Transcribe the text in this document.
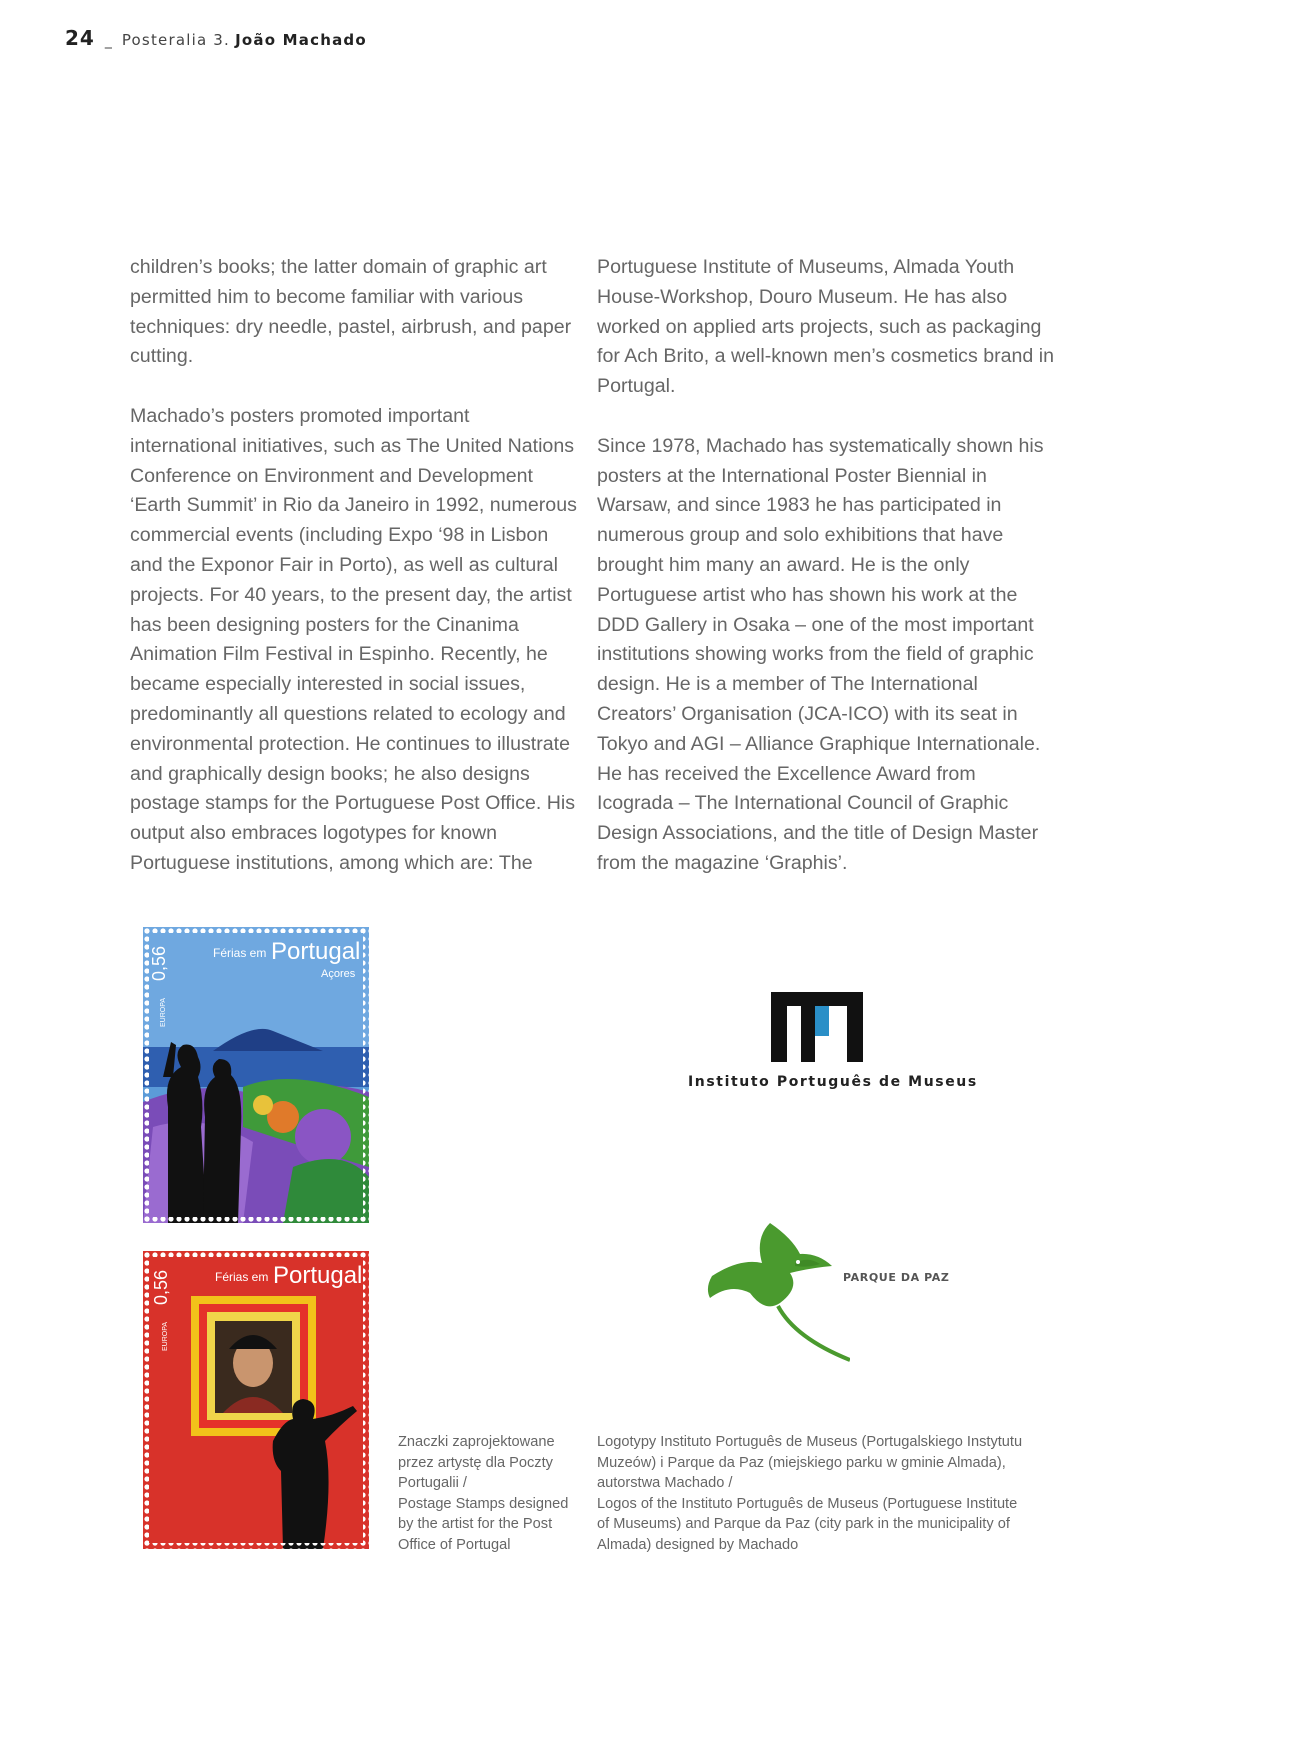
24 _ Posteralia 3. João Machado

children’s books; the latter domain of graphic art permitted him to become familiar with various techniques: dry needle, pastel, airbrush, and paper cutting.

Machado’s posters promoted important international initiatives, such as The United Nations Conference on Environment and Development ‘Earth Summit’ in Rio da Janeiro in 1992, numerous commercial events (including Expo ‘98 in Lisbon and the Exponor Fair in Porto), as well as cultural projects. For 40 years, to the present day, the artist has been designing posters for the Cinanima Animation Film Festival in Espinho. Recently, he became especially interested in social issues, predominantly all questions related to ecology and environmental protection. He continues to illustrate and graphically design books; he also designs postage stamps for the Portuguese Post Office. His output also embraces logotypes for known Portuguese institutions, among which are: The

Portuguese Institute of Museums, Almada Youth House-Workshop, Douro Museum. He has also worked on applied arts projects, such as packaging for Ach Brito, a well-known men’s cosmetics brand in Portugal.

Since 1978, Machado has systematically shown his posters at the International Poster Biennial in Warsaw, and since 1983 he has participated in numerous group and solo exhibitions that have brought him many an award. He is the only Portuguese artist who has shown his work at the DDD Gallery in Osaka – one of the most important institutions showing works from the field of graphic design. He is a member of The International Creators’ Organisation (JCA-ICO) with its seat in Tokyo and AGI – Alliance Graphique Internationale. He has received the Excellence Award from Icograda – The International Council of Graphic Design Associations, and the title of Design Master from the magazine ‘Graphis’.

0,56
EUROPA
Férias em Portugal
Açores
0,56
EUROPA
Férias em Portugal
Instituto Português de Museus
PARQUE DA PAZ
Znaczki zaprojektowane
przez artystę dla Poczty
Portugalii /
Postage Stamps designed
by the artist for the Post
Office of Portugal
Logotypy Instituto Português de Museus (Portugalskiego Instytutu
Muzeów) i Parque da Paz (miejskiego parku w gminie Almada),
autorstwa Machado /
Logos of the Instituto Português de Museus (Portuguese Institute
of Museums) and Parque da Paz (city park in the municipality of
Almada) designed by Machado
